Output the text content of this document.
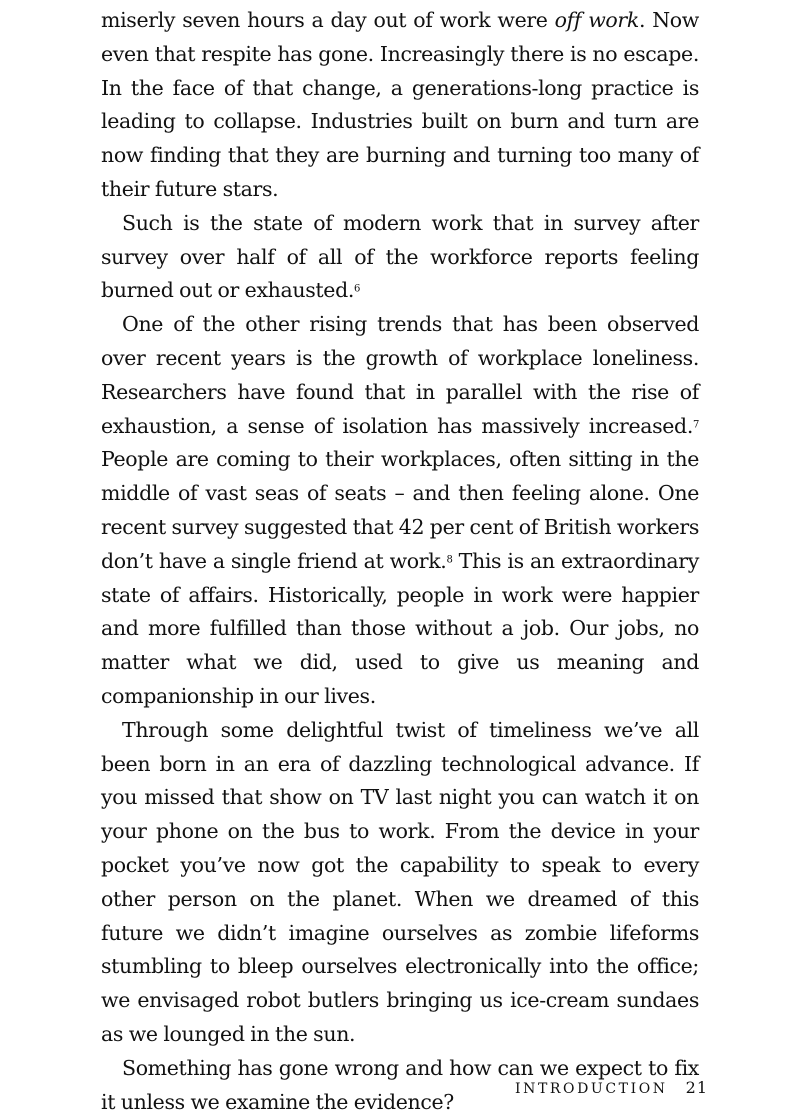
miserly seven hours a day out of work were off work. Now even that respite has gone. Increasingly there is no escape. In the face of that change, a generations-long practice is leading to collapse. Industries built on burn and turn are now finding that they are burning and turning too many of their future stars.

Such is the state of modern work that in survey after survey over half of all of the workforce reports feeling burned out or exhausted.$^6$

One of the other rising trends that has been observed over recent years is the growth of workplace loneliness. Researchers have found that in parallel with the rise of exhaustion, a sense of isolation has massively increased.$^7$ People are coming to their workplaces, often sitting in the middle of vast seas of seats – and then feeling alone. One recent survey suggested that 42 per cent of British workers don’t have a single friend at work.$^8$ This is an extraordinary state of affairs. Historically, people in work were happier and more fulfilled than those without a job. Our jobs, no matter what we did, used to give us meaning and companionship in our lives.

Through some delightful twist of timeliness we’ve all been born in an era of dazzling technological advance. If you missed that show on TV last night you can watch it on your phone on the bus to work. From the device in your pocket you’ve now got the capability to speak to every other person on the planet. When we dreamed of this future we didn’t imagine ourselves as zombie lifeforms stumbling to bleep ourselves electronically into the office; we envisaged robot butlers bringing us ice-cream sundaes as we lounged in the sun.

Something has gone wrong and how can we expect to fix it unless we examine the evidence?

INTRODUCTION 21
